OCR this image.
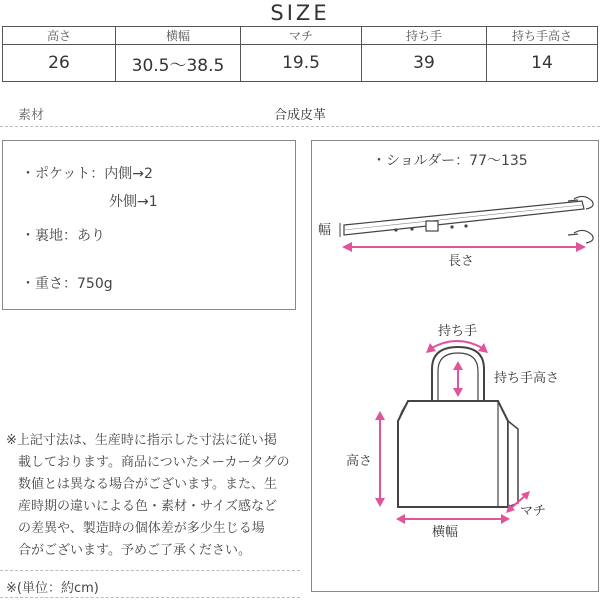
SIZE
高さ	横幅	マチ	持ち手	持ち手高さ
26	30.5〜38.5	19.5	39	14
素材	合成皮革
・ポケット：内側→2
外側→1
・裏地：あり
・重さ：750g
・ショルダー：77〜135
幅
長さ
持ち手
持ち手高さ
高さ
横幅
マチ
※上記寸法は、生産時に指示した寸法に従い掲
載しております。商品についたメーカータグの
数値とは異なる場合がございます。また、生
産時期の違いによる色・素材・サイズ感など
の差異や、製造時の個体差が多少生じる場
合がございます。予めご了承ください。
※(単位：約cm)
